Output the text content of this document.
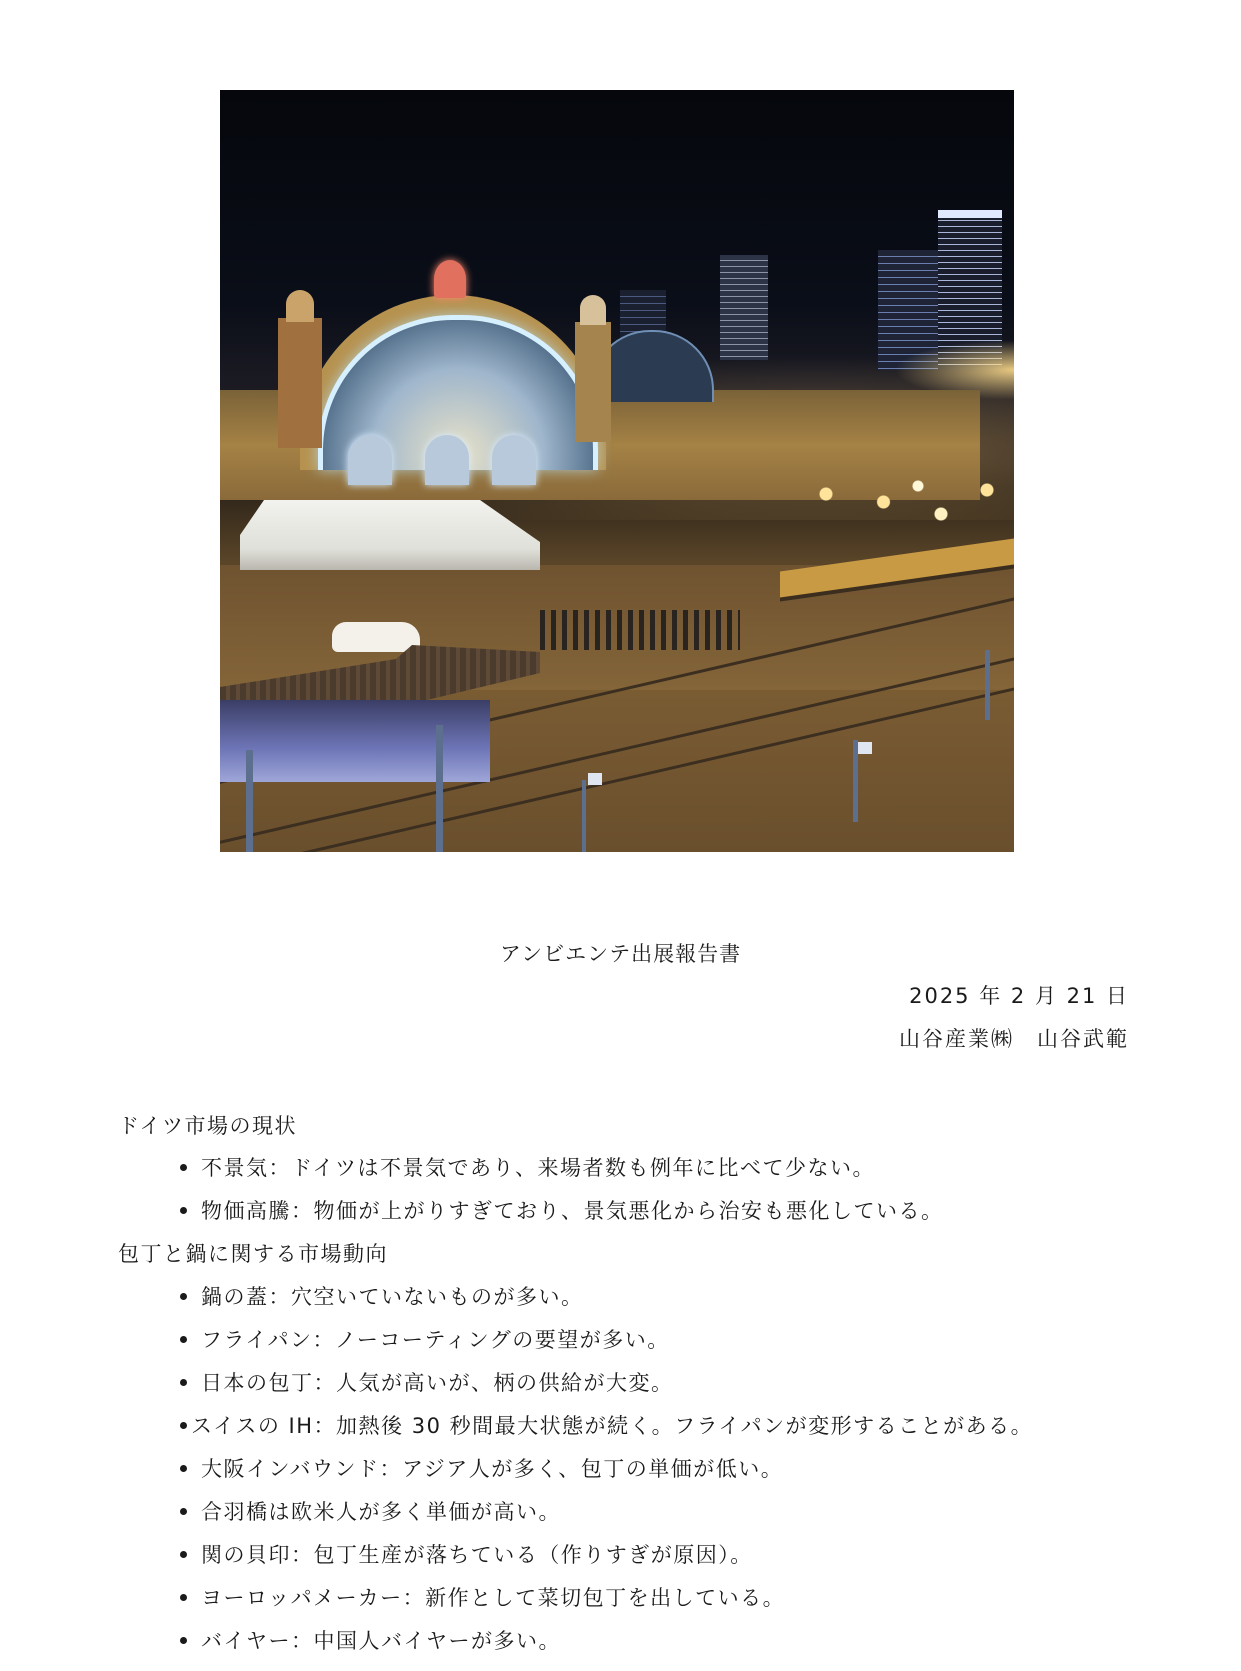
アンビエンテ出展報告書
2025 年 2 月 21 日
山谷産業㈱　山谷武範
ドイツ市場の現状
不景気：ドイツは不景気であり、来場者数も例年に比べて少ない。
物価高騰：物価が上がりすぎており、景気悪化から治安も悪化している。
包丁と鍋に関する市場動向
鍋の蓋：穴空いていないものが多い。
フライパン：ノーコーティングの要望が多い。
日本の包丁：人気が高いが、柄の供給が大変。
スイスの IH：加熱後 30 秒間最大状態が続く。フライパンが変形することがある。
大阪インバウンド：アジア人が多く、包丁の単価が低い。
合羽橋は欧米人が多く単価が高い。
関の貝印：包丁生産が落ちている（作りすぎが原因）。
ヨーロッパメーカー：新作として菜切包丁を出している。
バイヤー：中国人バイヤーが多い。
